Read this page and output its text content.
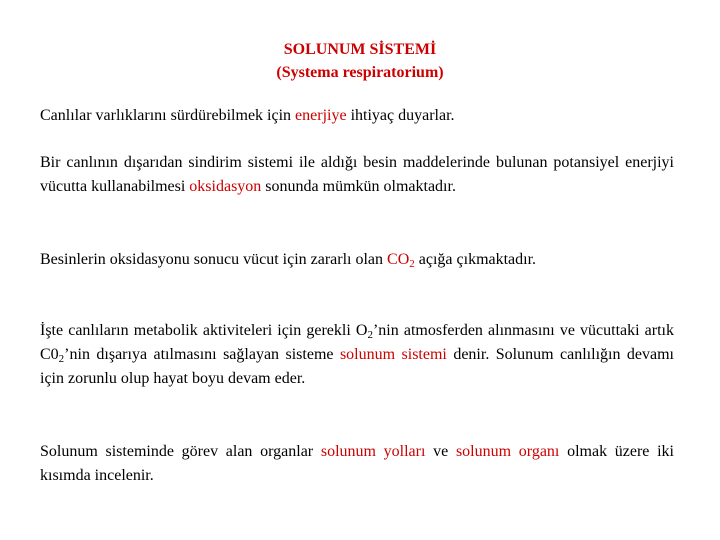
SOLUNUM SİSTEMİ
(Systema respiratorium)

Canlılar varlıklarını sürdürebilmek için enerjiye ihtiyaç duyarlar.

Bir canlının dışarıdan sindirim sistemi ile aldığı besin maddelerinde bulunan potansiyel enerjiyi vücutta kullanabilmesi oksidasyon sonunda mümkün olmaktadır.

Besinlerin oksidasyonu sonucu vücut için zararlı olan $CO_2$ açığa çıkmaktadır.

İşte canlıların metabolik aktiviteleri için gerekli $O_2’nin$ atmosferden alınmasını ve vücuttaki artık $C0_2’nin$ dışarıya atılmasını sağlayan sisteme solunum sistemi denir. Solunum canlılığın devamı için zorunlu olup hayat boyu devam eder.

Solunum sisteminde görev alan organlar solunum yolları ve solunum organı olmak üzere iki kısımda incelenir.
